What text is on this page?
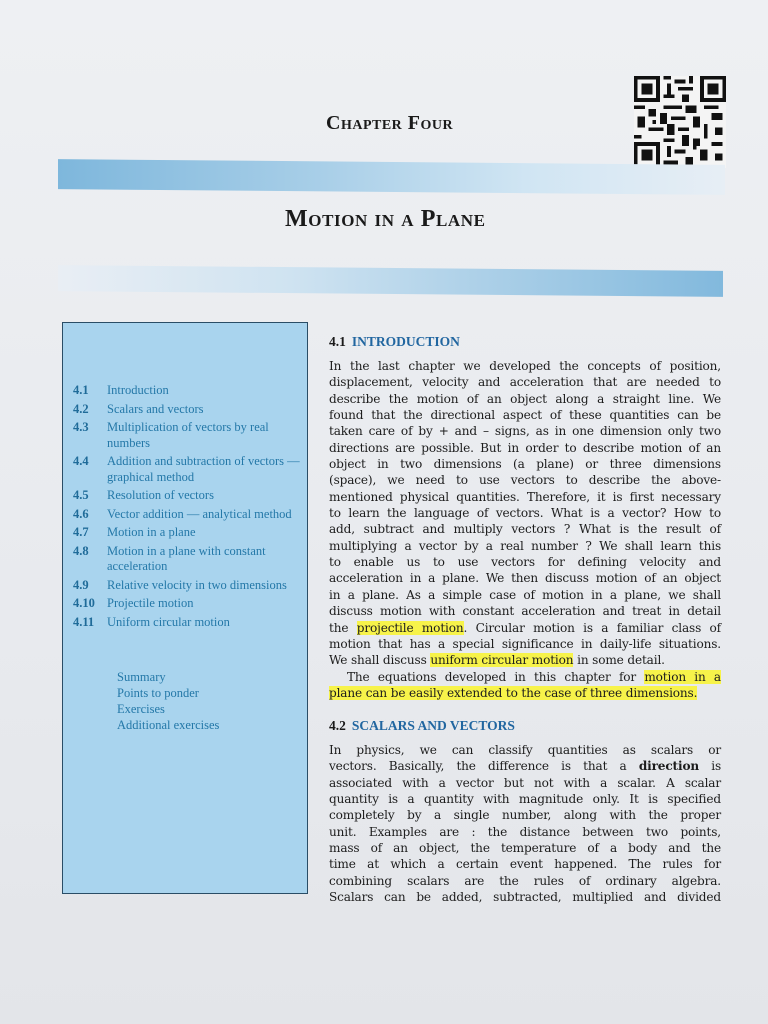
Chapter Four
Motion in a Plane
4.1	Introduction
4.2	Scalars and vectors
4.3	Multiplication of vectors by real numbers
4.4	Addition and subtraction of vectors — graphical method
4.5	Resolution of vectors
4.6	Vector addition — analytical method
4.7	Motion in a plane
4.8	Motion in a plane with constant acceleration
4.9	Relative velocity in two dimensions
4.10 Projectile motion
4.11	Uniform circular motion
Summary
Points to ponder
Exercises
Additional exercises
4.1 INTRODUCTION
In the last chapter we developed the concepts of position,
displacement, velocity and acceleration that are needed to
describe the motion of an object along a straight line. We
found that the directional aspect of these quantities can be
taken care of by + and – signs, as in one dimension only two
directions are possible. But in order to describe motion of an
object in two dimensions (a plane) or three dimensions
(space), we need to use vectors to describe the above-
mentioned physical quantities. Therefore, it is first necessary
to learn the language of vectors. What is a vector? How to
add, subtract and multiply vectors ? What is the result of
multiplying a vector by a real number ? We shall learn this
to enable us to use vectors for defining velocity and
acceleration in a plane. We then discuss motion of an object
in a plane. As a simple case of motion in a plane, we shall
discuss motion with constant acceleration and treat in detail
the projectile motion. Circular motion is a familiar class of
motion that has a special significance in daily-life situations.
We shall discuss uniform circular motion in some detail.
The equations developed in this chapter for motion in a
plane can be easily extended to the case of three dimensions.
4.2 SCALARS AND VECTORS
In physics, we can classify quantities as scalars or
vectors. Basically, the difference is that a direction is
associated with a vector but not with a scalar. A scalar
quantity is a quantity with magnitude only. It is specified
completely by a single number, along with the proper
unit. Examples are : the distance between two points,
mass of an object, the temperature of a body and the
time at which a certain event happened. The rules for
combining scalars are the rules of ordinary algebra.
Scalars can be added, subtracted, multiplied and divided
